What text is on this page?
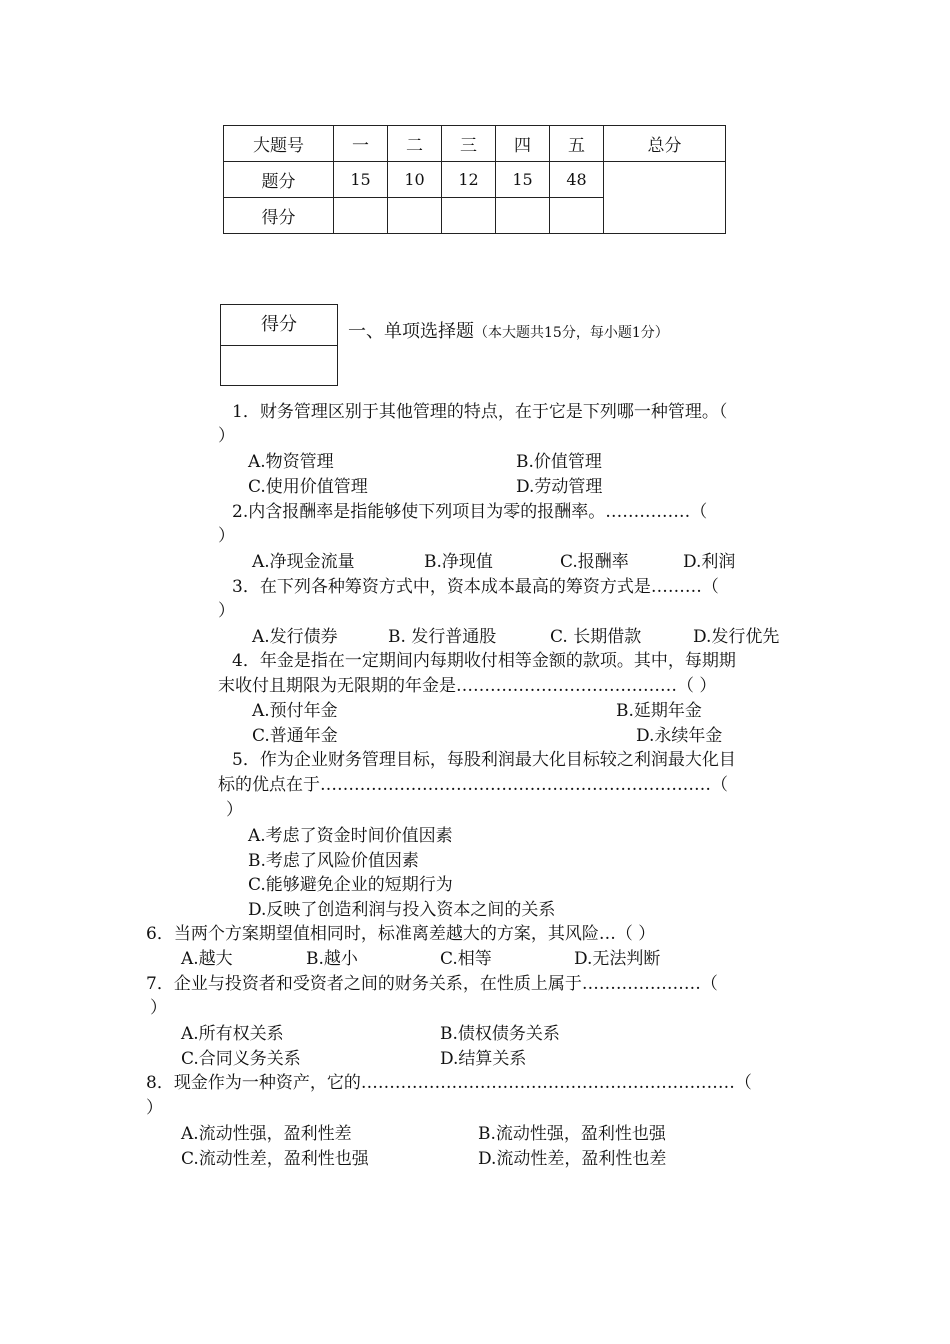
大题号	一	二	三	四	五	总分
题分	15	10	12	15	48	
得分						
得分	一、单项选择题（本大题共15分，每小题1分）
1．财务管理区别于其他管理的特点，在于它是下列哪一种管理。（
）
A.物资管理	B.价值管理
C.使用价值管理	D.劳动管理
2.内含报酬率是指能够使下列项目为零的报酬率。……………（
）
A.净现金流量	B.净现值	C.报酬率	D.利润
3．在下列各种筹资方式中，资本成本最高的筹资方式是………（
）
A.发行债券	B. 发行普通股	C. 长期借款	D.发行优先
4．年金是指在一定期间内每期收付相等金额的款项。其中，每期期
末收付且期限为无限期的年金是…………………………………（ ）
A.预付年金	B.延期年金
C.普通年金	D.永续年金
5．作为企业财务管理目标，每股利润最大化目标较之利润最大化目
标的优点在于……………………………………………………………（
）
A.考虑了资金时间价值因素
B.考虑了风险价值因素
C.能够避免企业的短期行为
D.反映了创造利润与投入资本之间的关系
6．当两个方案期望值相同时，标准离差越大的方案，其风险…（ ）
A.越大	B.越小	C.相等	D.无法判断
7．企业与投资者和受资者之间的财务关系，在性质上属于…………………（
）
A.所有权关系	B.债权债务关系
C.合同义务关系	D.结算关系
8．现金作为一种资产，它的…………………………………………………………（
）
A.流动性强，盈利性差	B.流动性强，盈利性也强
C.流动性差，盈利性也强	D.流动性差，盈利性也差
